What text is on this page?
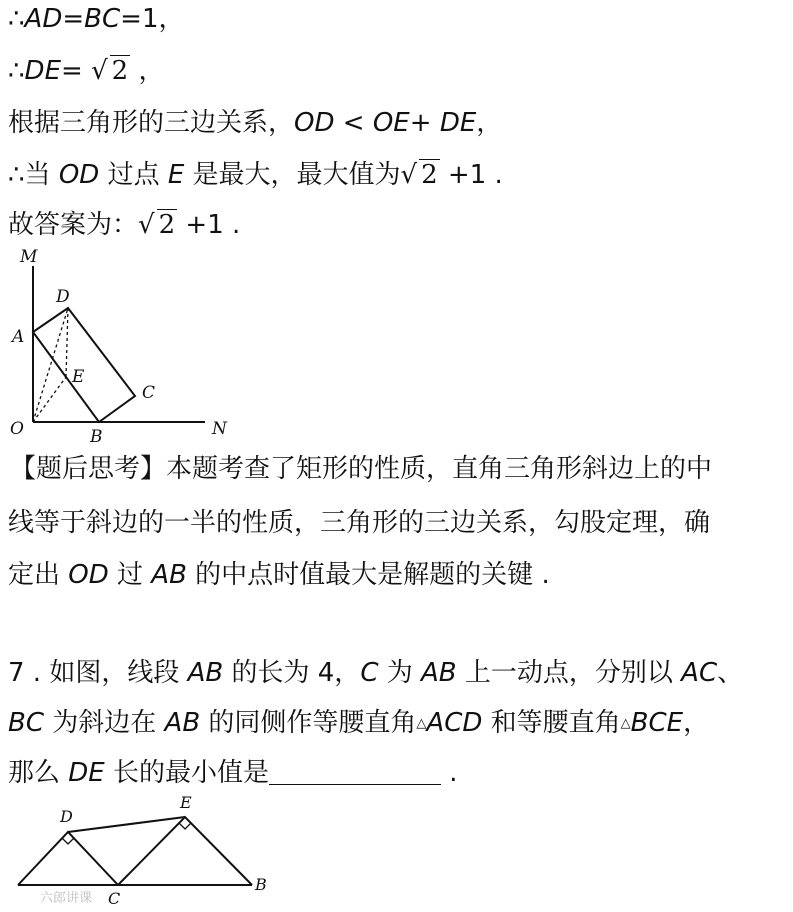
∴AD=BC=1，
∴DE= √ 2 ，
根据三角形的三边关系，OD < OE+ DE，
∴当 OD 过点 E 是最大，最大值为√ 2 +1 .
故答案为：√ 2 +1 .
M
D
A
E
C
O	B	N
【题后思考】本题考查了矩形的性质，直角三角形斜边上的中
线等于斜边的一半的性质，三角形的三边关系，勾股定理，确
定出 OD 过 AB 的中点时值最大是解题的关键 .
7 . 如图，线段 AB 的长为 4，C 为 AB 上一动点，分别以 AC、
BC 为斜边在 AB 的同侧作等腰直角△ACD 和等腰直角△BCE，
那么 DE 长的最小值是	.
D
E
C
B
六郎讲课
